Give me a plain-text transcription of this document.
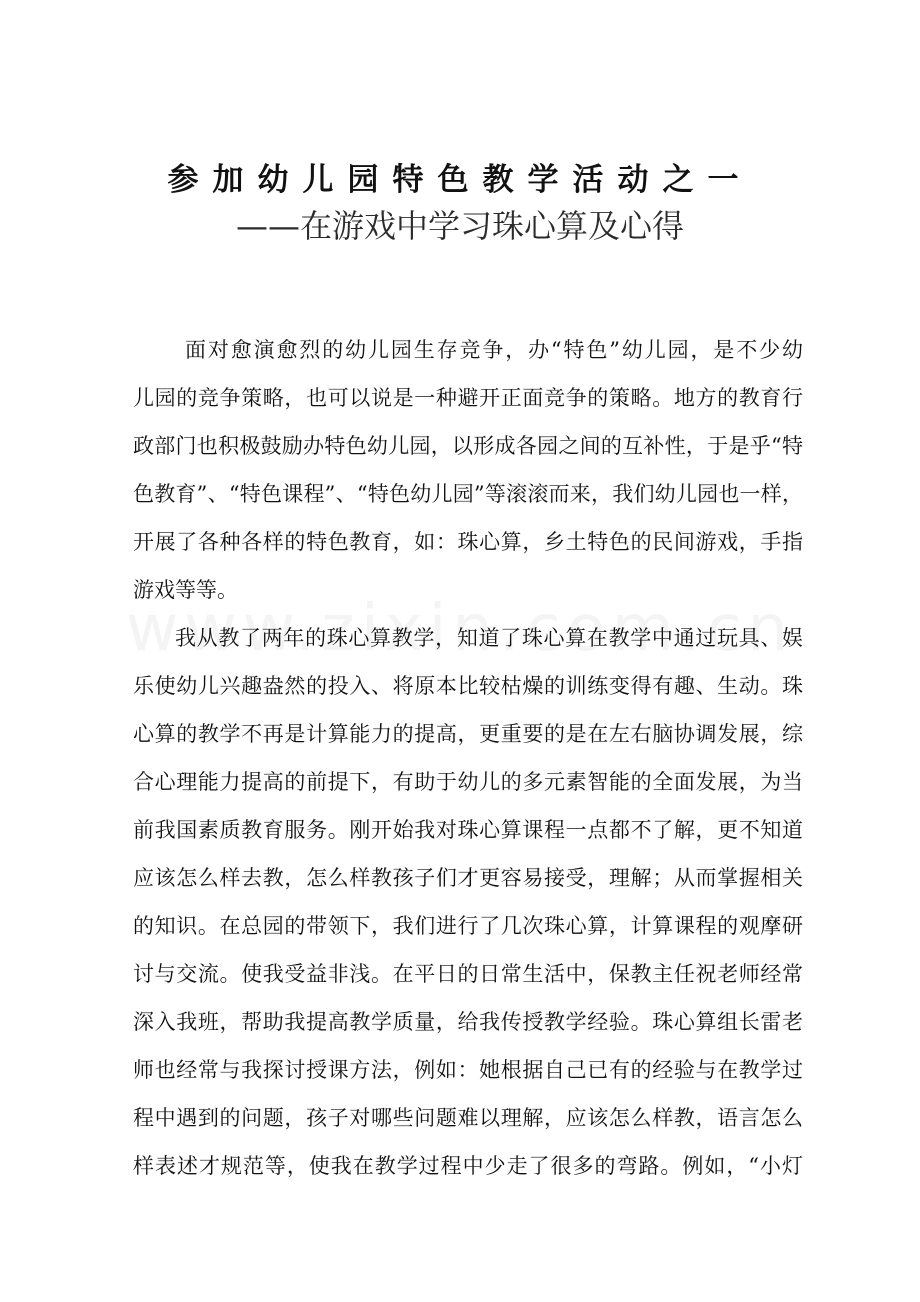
参加幼儿园特色教学活动之一
——在游戏中学习珠心算及心得
面对愈演愈烈的幼儿园生存竞争，办“特色”幼儿园，是不少幼
儿园的竞争策略，也可以说是一种避开正面竞争的策略。地方的教育行
政部门也积极鼓励办特色幼儿园，以形成各园之间的互补性，于是乎“特
色教育”、“特色课程”、“特色幼儿园”等滚滚而来，我们幼儿园也一样，
开展了各种各样的特色教育，如：珠心算，乡土特色的民间游戏，手指
游戏等等。
我从教了两年的珠心算教学，知道了珠心算在教学中通过玩具、娱
乐使幼儿兴趣盎然的投入、将原本比较枯燥的训练变得有趣、生动。珠
心算的教学不再是计算能力的提高，更重要的是在左右脑协调发展，综
合心理能力提高的前提下，有助于幼儿的多元素智能的全面发展，为当
前我国素质教育服务。刚开始我对珠心算课程一点都不了解，更不知道
应该怎么样去教，怎么样教孩子们才更容易接受，理解；从而掌握相关
的知识。在总园的带领下，我们进行了几次珠心算，计算课程的观摩研
讨与交流。使我受益非浅。在平日的日常生活中，保教主任祝老师经常
深入我班，帮助我提高教学质量，给我传授教学经验。珠心算组长雷老
师也经常与我探讨授课方法，例如：她根据自己已有的经验与在教学过
程中遇到的问题，孩子对哪些问题难以理解，应该怎么样教，语言怎么
样表述才规范等，使我在教学过程中少走了很多的弯路。例如，“小灯
